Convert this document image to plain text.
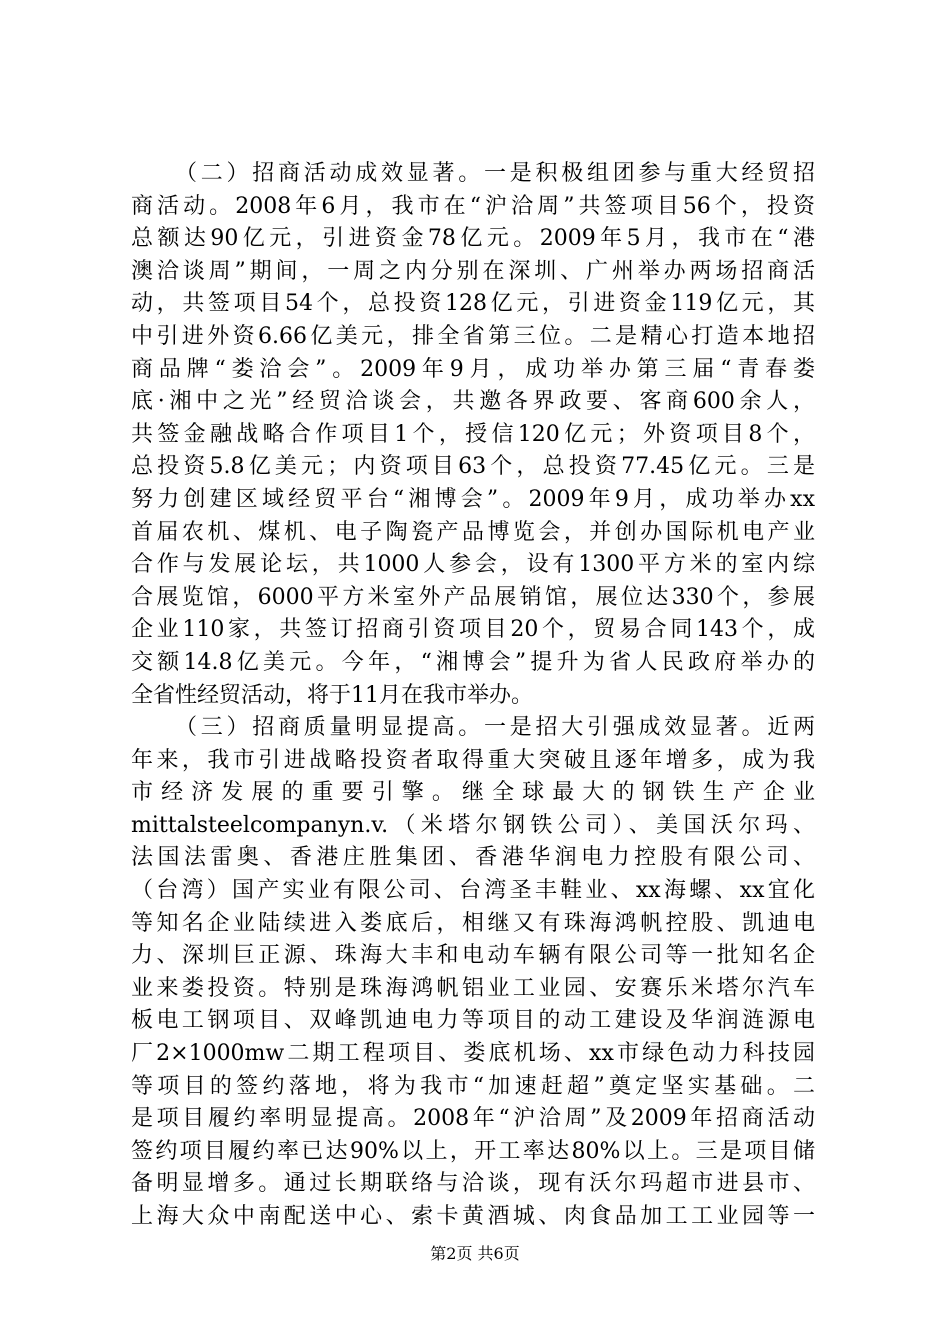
（二）招商活动成效显著。一是积极组团参与重大经贸招
商活动。2008年6月，我市在“沪洽周”共签项目56个，投资
总额达90亿元，引进资金78亿元。2009年5月，我市在“港
澳洽谈周”期间，一周之内分别在深圳、广州举办两场招商活
动，共签项目54个，总投资128亿元，引进资金119亿元，其
中引进外资6.66亿美元，排全省第三位。二是精心打造本地招
商品牌“娄洽会”。2009年9月，成功举办第三届“青春娄
底·湘中之光”经贸洽谈会，共邀各界政要、客商600余人，
共签金融战略合作项目1个，授信120亿元；外资项目8个，
总投资5.8亿美元；内资项目63个，总投资77.45亿元。三是
努力创建区域经贸平台“湘博会”。2009年9月，成功举办xx
首届农机、煤机、电子陶瓷产品博览会，并创办国际机电产业
合作与发展论坛，共1000人参会，设有1300平方米的室内综
合展览馆，6000平方米室外产品展销馆，展位达330个，参展
企业110家，共签订招商引资项目20个，贸易合同143个，成
交额14.8亿美元。今年，“湘博会”提升为省人民政府举办的
全省性经贸活动，将于11月在我市举办。
（三）招商质量明显提高。一是招大引强成效显著。近两
年来，我市引进战略投资者取得重大突破且逐年增多，成为我
市经济发展的重要引擎。继全球最大的钢铁生产企业
mittalsteelcompanyn.v.（米塔尔钢铁公司）、美国沃尔玛、
法国法雷奥、香港庄胜集团、香港华润电力控股有限公司、
（台湾）国产实业有限公司、台湾圣丰鞋业、xx海螺、xx宜化
等知名企业陆续进入娄底后，相继又有珠海鸿帆控股、凯迪电
力、深圳巨正源、珠海大丰和电动车辆有限公司等一批知名企
业来娄投资。特别是珠海鸿帆铝业工业园、安赛乐米塔尔汽车
板电工钢项目、双峰凯迪电力等项目的动工建设及华润涟源电
厂2×1000mw二期工程项目、娄底机场、xx市绿色动力科技园
等项目的签约落地，将为我市“加速赶超”奠定坚实基础。二
是项目履约率明显提高。2008年“沪洽周”及2009年招商活动
签约项目履约率已达90%以上，开工率达80%以上。三是项目储
备明显增多。通过长期联络与洽谈，现有沃尔玛超市进县市、
上海大众中南配送中心、索卡黄酒城、肉食品加工工业园等一
第2页 共6页
